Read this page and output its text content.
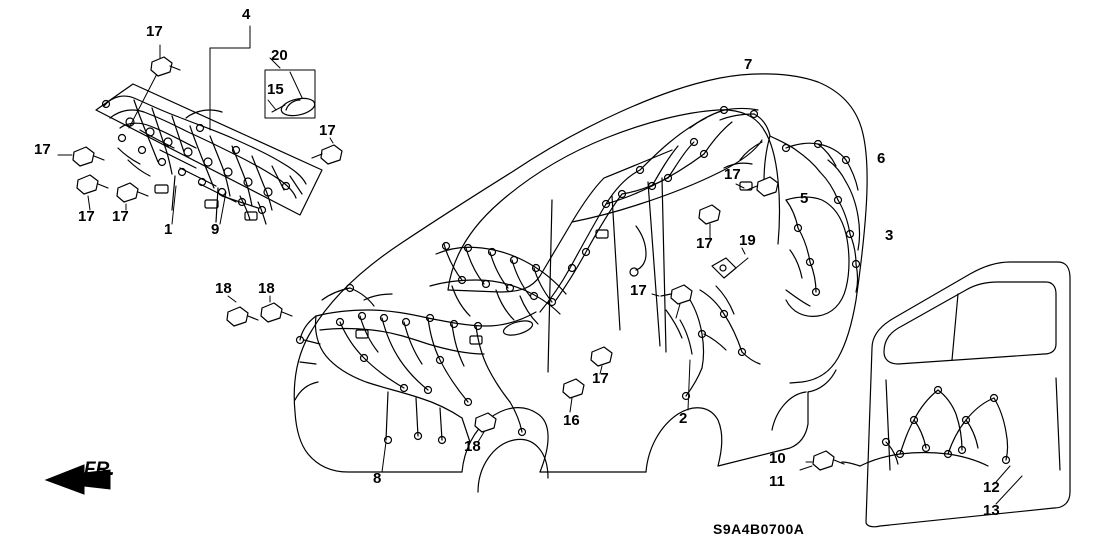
17
4
20
15
17
17
17 17
1	9
7
6
17
5
3
17 19
17
18 18
17
16	2
8
18
10
11	12
13
FR.
S9A4B0700A
